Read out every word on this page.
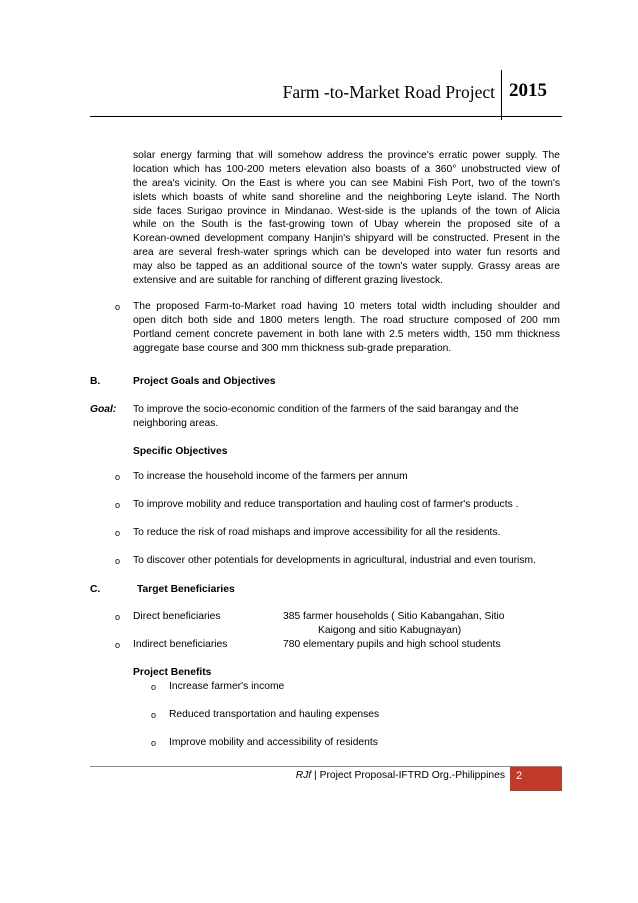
Farm -to-Market Road Project 2015
solar energy farming that will somehow address the province's erratic power supply. The
location which has 100-200 meters elevation also boasts of a 360° unobstructed view of
the area's vicinity. On the East is where you can see Mabini Fish Port, two of the town's
islets which boasts of white sand shoreline and the neighboring Leyte island. The North
side faces Surigao province in Mindanao. West-side is the uplands of the town of Alicia
while on the South is the fast-growing town of Ubay wherein the proposed site of a
Korean-owned development company Hanjin's shipyard will be constructed. Present in the
area are several fresh-water springs which can be developed into water fun resorts and
may also be tapped as an additional source of the town's water supply. Grassy areas are
extensive and are suitable for ranching of different grazing livestock.
o The proposed Farm-to-Market road having 10 meters total width including shoulder and
open ditch both side and 1800 meters length. The road structure composed of 200 mm
Portland cement concrete pavement in both lane with 2.5 meters width, 150 mm thickness
aggregate base course and 300 mm thickness sub-grade preparation.
B.	Project Goals and Objectives
Goal: To improve the socio-economic condition of the farmers of the said barangay and the
neighboring areas.
Specific Objectives
o To increase the household income of the farmers per annum
o To improve mobility and reduce transportation and hauling cost of farmer's products .
o To reduce the risk of road mishaps and improve accessibility for all the residents.
o To discover other potentials for developments in agricultural, industrial and even tourism.
C.	Target Beneficiaries
o Direct beneficiaries	385 farmer households ( Sitio Kabangahan, Sitio
Kaigong and sitio Kabugnayan)
o Indirect beneficiaries	780 elementary pupils and high school students
Project Benefits
o Increase farmer's income
o Reduced transportation and hauling expenses
o Improve mobility and accessibility of residents
RJf | Project Proposal-IFTRD Org.-Philippines 2
